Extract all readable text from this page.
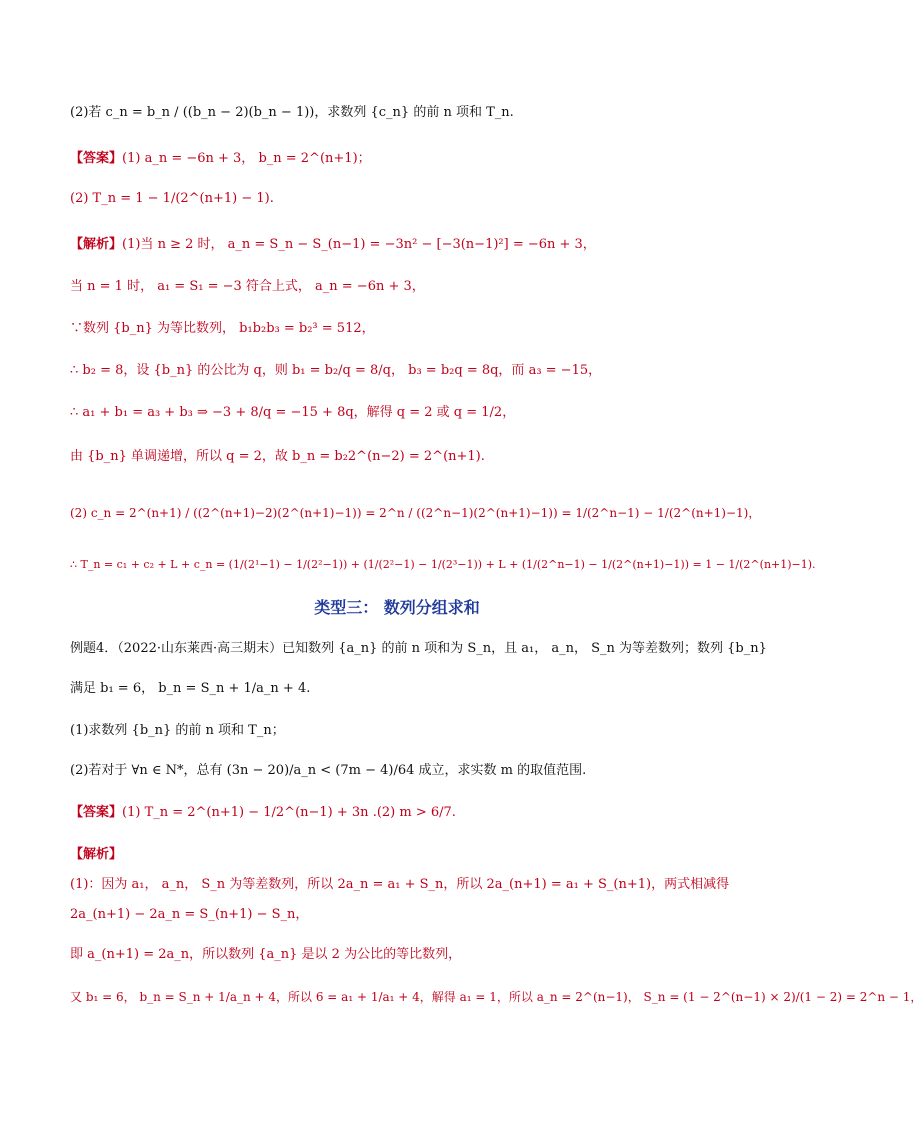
(2)若 c_n = b_n / ((b_n − 2)(b_n − 1))，求数列 {c_n} 的前 n 项和 T_n.
【答案】(1) a_n = −6n + 3， b_n = 2^(n+1)；
(2) T_n = 1 − 1/(2^(n+1) − 1).
【解析】(1)当 n ≥ 2 时， a_n = S_n − S_(n−1) = −3n² − [−3(n−1)²] = −6n + 3，
当 n = 1 时， a₁ = S₁ = −3 符合上式， a_n = −6n + 3，
∵数列 {b_n} 为等比数列， b₁b₂b₃ = b₂³ = 512，
∴ b₂ = 8，设 {b_n} 的公比为 q，则 b₁ = b₂/q = 8/q， b₃ = b₂q = 8q，而 a₃ = −15，
∴ a₁ + b₁ = a₃ + b₃ ⇒ −3 + 8/q = −15 + 8q，解得 q = 2 或 q = 1/2，
由 {b_n} 单调递增，所以 q = 2，故 b_n = b₂2^(n−2) = 2^(n+1).
(2) c_n = 2^(n+1) / ((2^(n+1)−2)(2^(n+1)−1)) = 2^n / ((2^n−1)(2^(n+1)−1)) = 1/(2^n−1) − 1/(2^(n+1)−1)，
∴ T_n = c₁ + c₂ + L + c_n = (1/(2¹−1) − 1/(2²−1)) + (1/(2²−1) − 1/(2³−1)) + L + (1/(2^n−1) − 1/(2^(n+1)−1)) = 1 − 1/(2^(n+1)−1).
类型三： 数列分组求和
例题4．（2022·山东莱西·高三期末）已知数列 {a_n} 的前 n 项和为 S_n，且 a₁， a_n， S_n 为等差数列；数列 {b_n}
满足 b₁ = 6， b_n = S_n + 1/a_n + 4.
(1)求数列 {b_n} 的前 n 项和 T_n；
(2)若对于 ∀n ∈ N*，总有 (3n − 20)/a_n < (7m − 4)/64 成立，求实数 m 的取值范围.
【答案】(1) T_n = 2^(n+1) − 1/2^(n−1) + 3n .(2) m > 6/7.
【解析】
(1)：因为 a₁， a_n， S_n 为等差数列，所以 2a_n = a₁ + S_n，所以 2a_(n+1) = a₁ + S_(n+1)，两式相减得
2a_(n+1) − 2a_n = S_(n+1) − S_n，
即 a_(n+1) = 2a_n，所以数列 {a_n} 是以 2 为公比的等比数列，
又 b₁ = 6， b_n = S_n + 1/a_n + 4，所以 6 = a₁ + 1/a₁ + 4，解得 a₁ = 1，所以 a_n = 2^(n−1)， S_n = (1 − 2^(n−1) × 2)/(1 − 2) = 2^n − 1，
